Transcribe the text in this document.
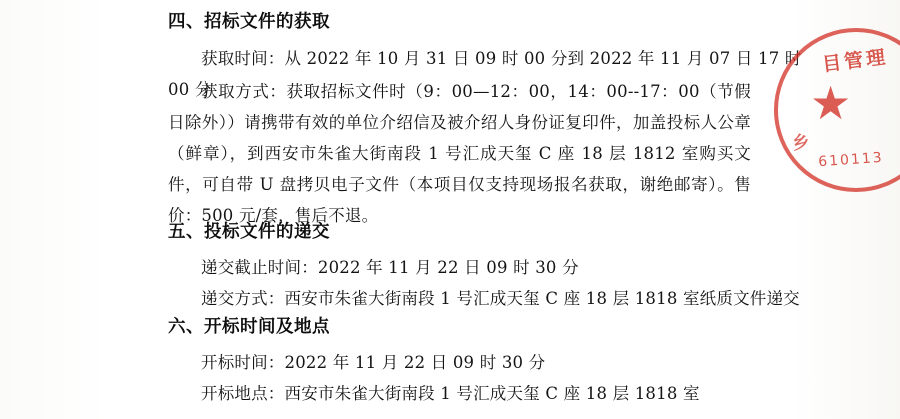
四、招标文件的获取
获取时间：从 2022 年 10 月 31 日 09 时 00 分到 2022 年 11 月 07 日 17 时 00 分
获取方式：获取招标文件时（9：00—12：00，14：00--17：00（节假日除外））请携带有效的单位介绍信及被介绍人身份证复印件，加盖投标人公章（鲜章），到西安市朱雀大街南段 1 号汇成天玺 C 座 18 层 1812 室购买文件，可自带 U 盘拷贝电子文件（本项目仅支持现场报名获取，谢绝邮寄）。售价：500 元/套，售后不退。
五、投标文件的递交
递交截止时间：2022 年 11 月 22 日 09 时 30 分
递交方式：西安市朱雀大街南段 1 号汇成天玺 C 座 18 层 1818 室纸质文件递交
六、开标时间及地点
开标时间：2022 年 11 月 22 日 09 时 30 分
开标地点：西安市朱雀大街南段 1 号汇成天玺 C 座 18 层 1818 室
目管理
★
乡
610113
